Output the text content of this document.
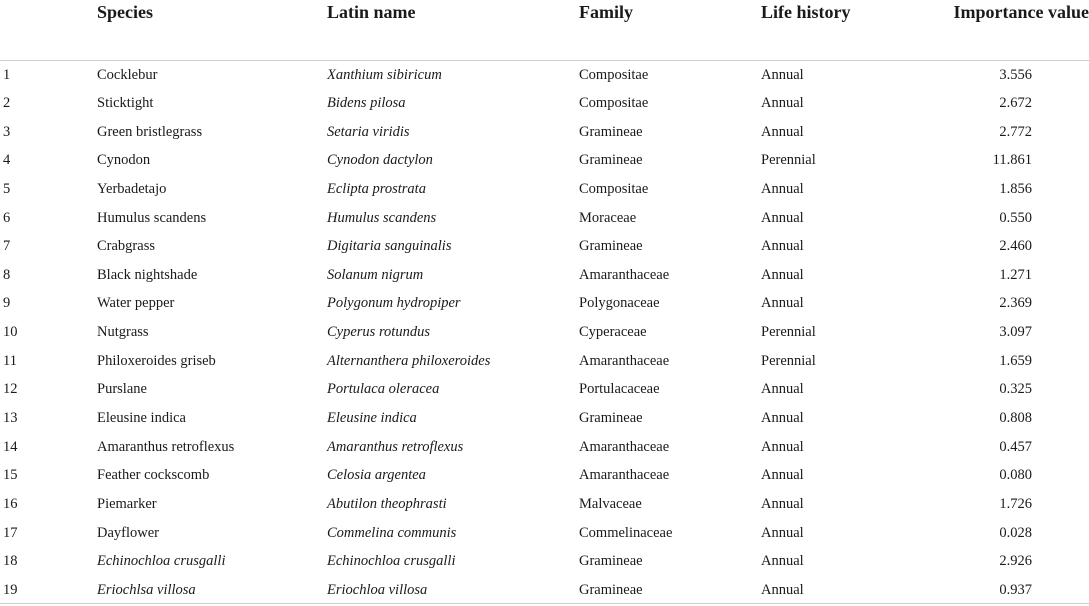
	Species	Latin name	Family	Life history	Importance value

1	Cocklebur	Xanthium sibiricum	Compositae	Annual	3.556
2	Sticktight	Bidens pilosa	Compositae	Annual	2.672
3	Green bristlegrass	Setaria viridis	Gramineae	Annual	2.772
4	Cynodon	Cynodon dactylon	Gramineae	Perennial	11.861
5	Yerbadetajo	Eclipta prostrata	Compositae	Annual	1.856
6	Humulus scandens	Humulus scandens	Moraceae	Annual	0.550
7	Crabgrass	Digitaria sanguinalis	Gramineae	Annual	2.460
8	Black nightshade	Solanum nigrum	Amaranthaceae	Annual	1.271
9	Water pepper	Polygonum hydropiper	Polygonaceae	Annual	2.369
10	Nutgrass	Cyperus rotundus	Cyperaceae	Perennial	3.097
11	Philoxeroides griseb	Alternanthera philoxeroides	Amaranthaceae	Perennial	1.659
12	Purslane	Portulaca oleracea	Portulacaceae	Annual	0.325
13	Eleusine indica	Eleusine indica	Gramineae	Annual	0.808
14	Amaranthus retroflexus	Amaranthus retroflexus	Amaranthaceae	Annual	0.457
15	Feather cockscomb	Celosia argentea	Amaranthaceae	Annual	0.080
16	Piemarker	Abutilon theophrasti	Malvaceae	Annual	1.726
17	Dayflower	Commelina communis	Commelinaceae	Annual	0.028
18	Echinochloa crusgalli	Echinochloa crusgalli	Gramineae	Annual	2.926
19	Eriochlsa villosa	Eriochloa villosa	Gramineae	Annual	0.937
